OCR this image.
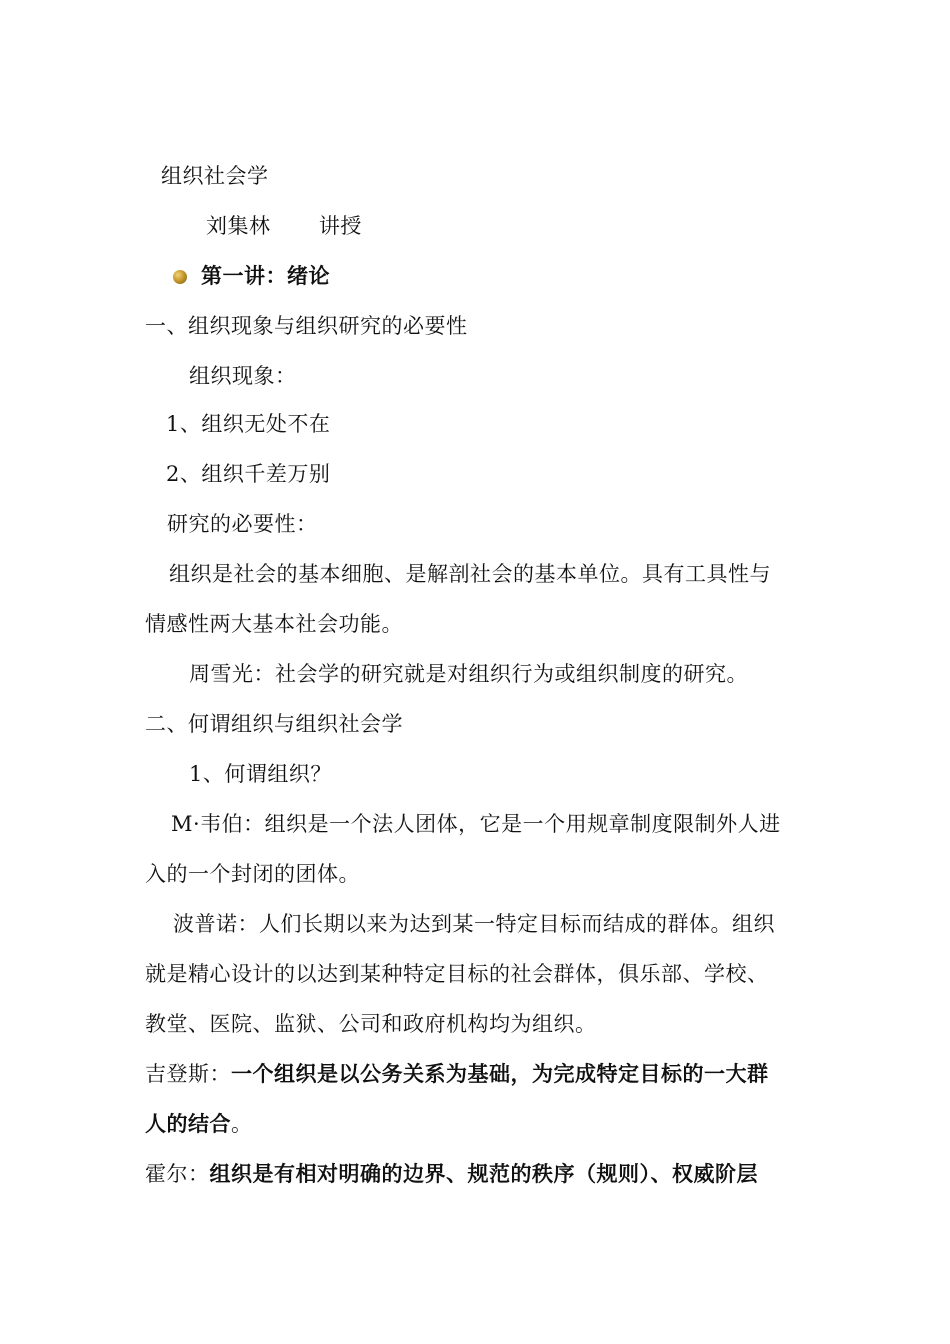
组织社会学
刘集林 讲授
第一讲：绪论
一、组织现象与组织研究的必要性
组织现象：
1、组织无处不在
2、组织千差万别
研究的必要性：
组织是社会的基本细胞、是解剖社会的基本单位。具有工具性与
情感性两大基本社会功能。
周雪光：社会学的研究就是对组织行为或组织制度的研究。
二、何谓组织与组织社会学
1、何谓组织？
M·韦伯：组织是一个法人团体，它是一个用规章制度限制外人进
入的一个封闭的团体。
波普诺：人们长期以来为达到某一特定目标而结成的群体。组织
就是精心设计的以达到某种特定目标的社会群体，俱乐部、学校、
教堂、医院、监狱、公司和政府机构均为组织。
吉登斯：一个组织是以公务关系为基础，为完成特定目标的一大群
人的结合。
霍尔：组织是有相对明确的边界、规范的秩序（规则）、权威阶层
